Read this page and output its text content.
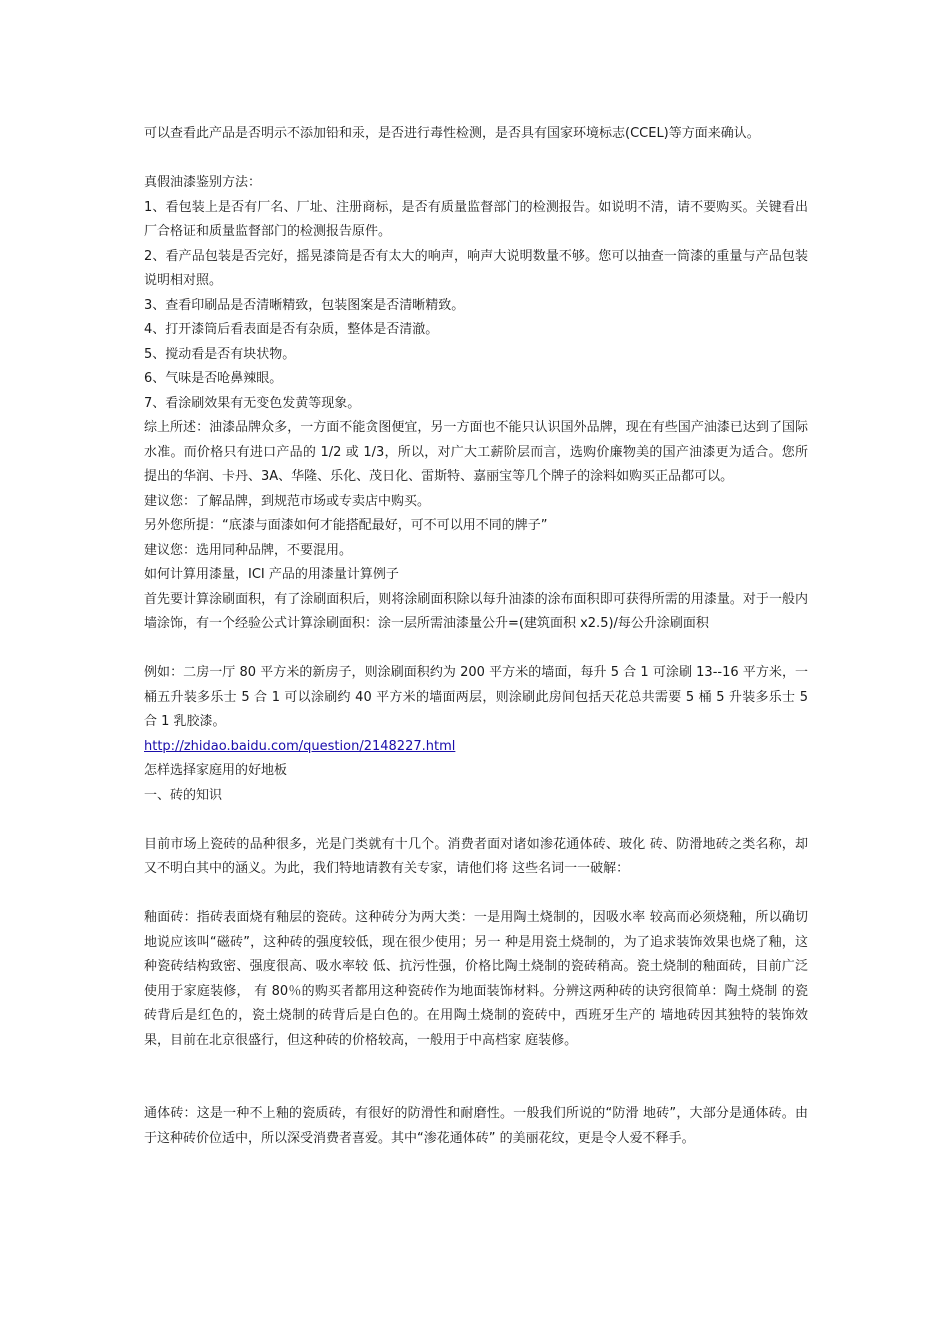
可以查看此产品是否明示不添加铅和汞，是否进行毒性检测，是否具有国家环境标志(CCEL)等方面来确认。

真假油漆鉴别方法：

1、看包装上是否有厂名、厂址、注册商标，是否有质量监督部门的检测报告。如说明不清，请不要购买。关键看出厂合格证和质量监督部门的检测报告原件。

2、看产品包装是否完好，摇晃漆筒是否有太大的响声，响声大说明数量不够。您可以抽查一筒漆的重量与产品包装说明相对照。

3、查看印刷品是否清晰精致，包装图案是否清晰精致。

4、打开漆筒后看表面是否有杂质，整体是否清澈。

5、搅动看是否有块状物。

6、气味是否呛鼻辣眼。

7、看涂刷效果有无变色发黄等现象。

综上所述：油漆品牌众多，一方面不能贪图便宜，另一方面也不能只认识国外品牌，现在有些国产油漆已达到了国际水准。而价格只有进口产品的 1/2 或 1/3，所以，对广大工薪阶层而言，选购价廉物美的国产油漆更为适合。您所提出的华润、卡丹、3A、华隆、乐化、茂日化、雷斯特、嘉丽宝等几个牌子的涂料如购买正品都可以。

建议您：了解品牌，到规范市场或专卖店中购买。

另外您所提：“底漆与面漆如何才能搭配最好，可不可以用不同的牌子”

建议您：选用同种品牌，不要混用。

如何计算用漆量，ICI 产品的用漆量计算例子

首先要计算涂刷面积，有了涂刷面积后，则将涂刷面积除以每升油漆的涂布面积即可获得所需的用漆量。对于一般内墙涂饰，有一个经验公式计算涂刷面积：涂一层所需油漆量公升=(建筑面积 x2.5)/每公升涂刷面积

例如：二房一厅 80 平方米的新房子，则涂刷面积约为 200 平方米的墙面，每升 5 合 1 可涂刷 13--16 平方米，一桶五升装多乐士 5 合 1 可以涂刷约 40 平方米的墙面两层，则涂刷此房间包括天花总共需要 5 桶 5 升装多乐士 5 合 1 乳胶漆。

http://zhidao.baidu.com/question/2148227.html

怎样选择家庭用的好地板

一、砖的知识

目前市场上瓷砖的品种很多，光是门类就有十几个。消费者面对诸如渗花通体砖、玻化 砖、防滑地砖之类名称，却又不明白其中的涵义。为此，我们特地请教有关专家，请他们将 这些名词一一破解：

釉面砖：指砖表面烧有釉层的瓷砖。这种砖分为两大类：一是用陶土烧制的，因吸水率 较高而必须烧釉，所以确切地说应该叫“磁砖”，这种砖的强度较低，现在很少使用；另一 种是用瓷土烧制的，为了追求装饰效果也烧了釉，这种瓷砖结构致密、强度很高、吸水率较 低、抗污性强，价格比陶土烧制的瓷砖稍高。瓷土烧制的釉面砖，目前广泛使用于家庭装修， 有 80％的购买者都用这种瓷砖作为地面装饰材料。分辨这两种砖的诀窍很简单：陶土烧制 的瓷砖背后是红色的，瓷土烧制的砖背后是白色的。在用陶土烧制的瓷砖中，西班牙生产的 墙地砖因其独特的装饰效果，目前在北京很盛行，但这种砖的价格较高，一般用于中高档家 庭装修。

通体砖：这是一种不上釉的瓷质砖，有很好的防滑性和耐磨性。一般我们所说的“防滑 地砖”，大部分是通体砖。由于这种砖价位适中，所以深受消费者喜爱。其中“渗花通体砖” 的美丽花纹，更是令人爱不释手。
